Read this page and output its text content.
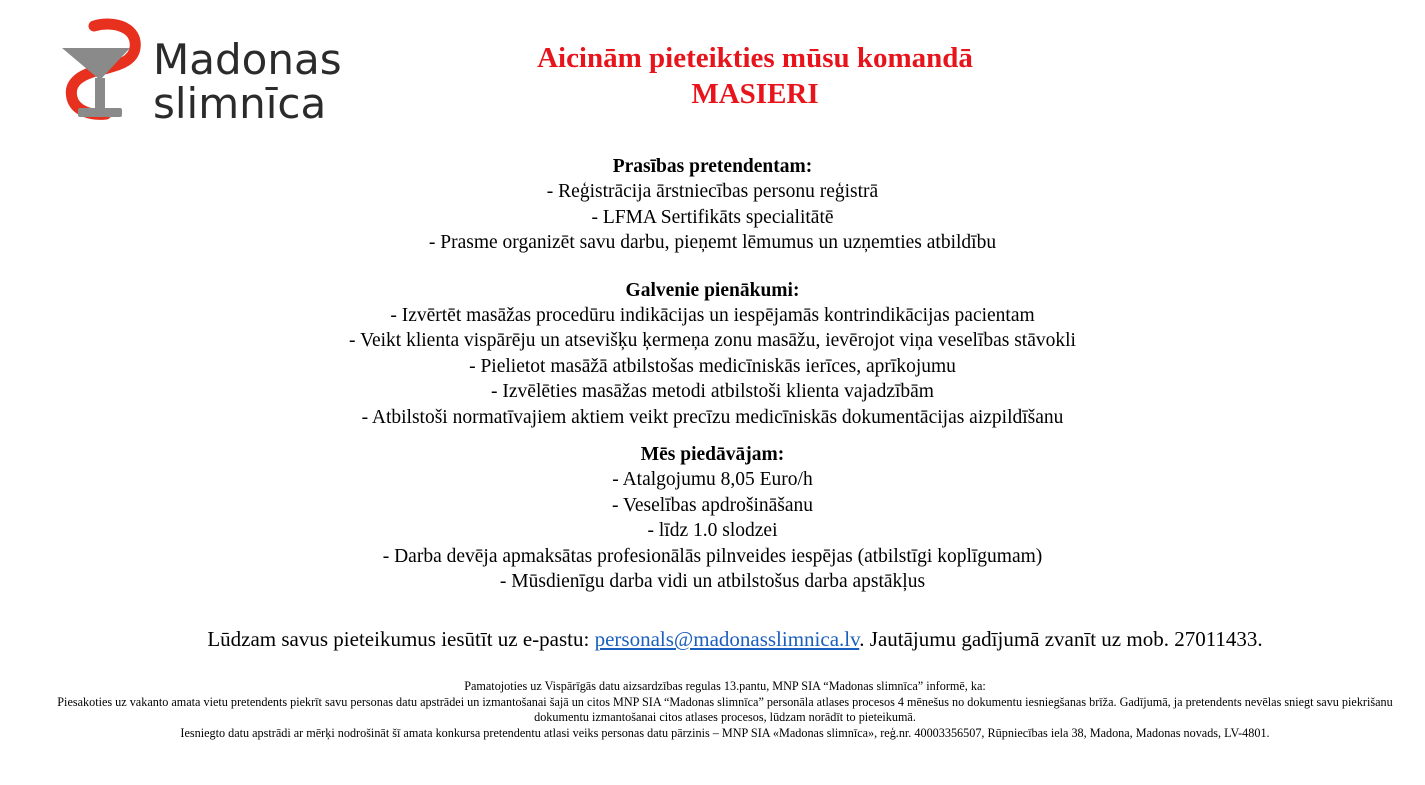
Madonas
slimnīca
Aicinām pieteikties mūsu komandā
MASIERI
Prasības pretendentam:
- Reģistrācija ārstniecības personu reģistrā
- LFMA Sertifikāts specialitātē
- Prasme organizēt savu darbu, pieņemt lēmumus un uzņemties atbildību
Galvenie pienākumi:
- Izvērtēt masāžas procedūru indikācijas un iespējamās kontrindikācijas pacientam
- Veikt klienta vispārēju un atsevišķu ķermeņa zonu masāžu, ievērojot viņa veselības stāvokli
- Pielietot masāžā atbilstošas medicīniskās ierīces, aprīkojumu
- Izvēlēties masāžas metodi atbilstoši klienta vajadzībām
- Atbilstoši normatīvajiem aktiem veikt precīzu medicīniskās dokumentācijas aizpildīšanu
Mēs piedāvājam:
- Atalgojumu 8,05 Euro/h
- Veselības apdrošināšanu
- līdz 1.0 slodzei
- Darba devēja apmaksātas profesionālās pilnveides iespējas (atbilstīgi koplīgumam)
- Mūsdienīgu darba vidi un atbilstošus darba apstākļus
Lūdzam savus pieteikumus iesūtīt uz e-pastu: personals@madonasslimnica.lv. Jautājumu gadījumā zvanīt uz mob. 27011433.
Pamatojoties uz Vispārīgās datu aizsardzības regulas 13.pantu, MNP SIA “Madonas slimnīca” informē, ka:
Piesakoties uz vakanto amata vietu pretendents piekrīt savu personas datu apstrādei un izmantošanai šajā un citos MNP SIA “Madonas slimnīca” personāla atlases procesos 4 mēnešus no dokumentu iesniegšanas brīža. Gadījumā, ja pretendents nevēlas sniegt savu piekrišanu dokumentu izmantošanai citos atlases procesos, lūdzam norādīt to pieteikumā.
Iesniegto datu apstrādi ar mērķi nodrošināt šī amata konkursa pretendentu atlasi veiks personas datu pārzinis – MNP SIA «Madonas slimnīca», reģ.nr. 40003356507, Rūpniecības iela 38, Madona, Madonas novads, LV-4801.
